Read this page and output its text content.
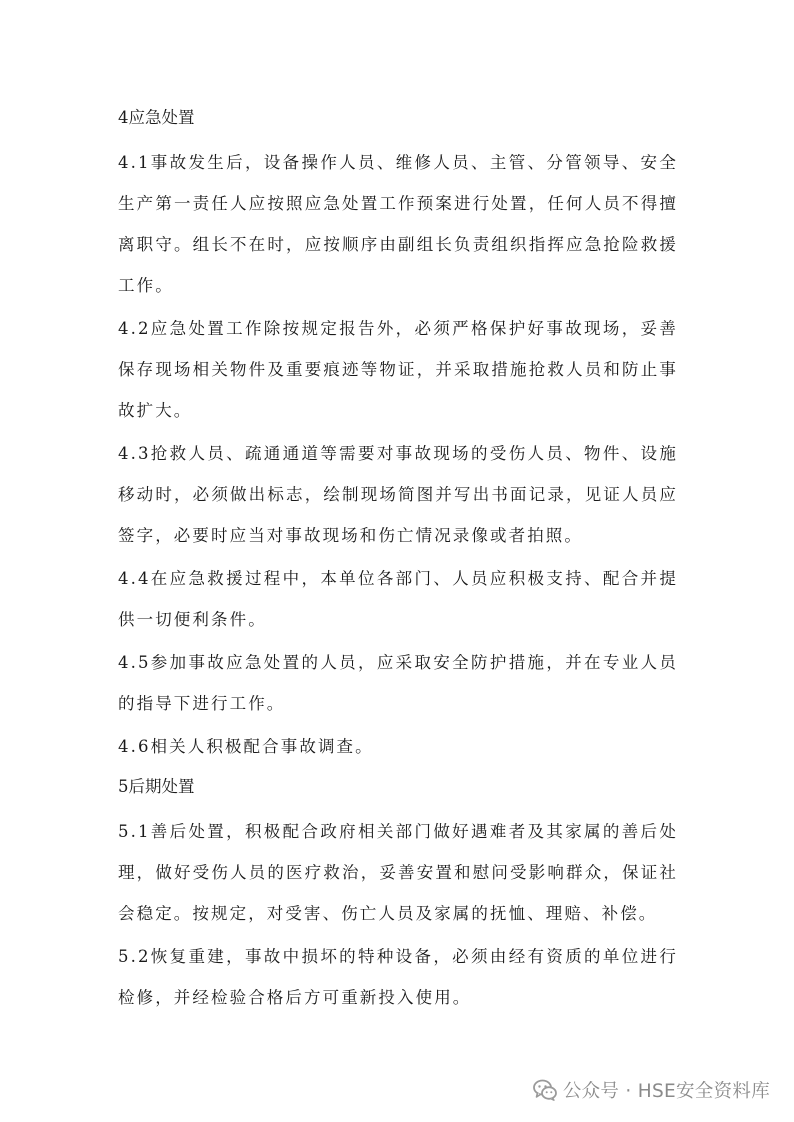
4应急处置

4.1事故发生后，设备操作人员、维修人员、主管、分管领导、安全生产第一责任人应按照应急处置工作预案进行处置，任何人员不得擅离职守。组长不在时，应按顺序由副组长负责组织指挥应急抢险救援工作。

4.2应急处置工作除按规定报告外，必须严格保护好事故现场，妥善保存现场相关物件及重要痕迹等物证，并采取措施抢救人员和防止事故扩大。

4.3抢救人员、疏通通道等需要对事故现场的受伤人员、物件、设施移动时，必须做出标志，绘制现场简图并写出书面记录，见证人员应签字，必要时应当对事故现场和伤亡情况录像或者拍照。

4.4在应急救援过程中，本单位各部门、人员应积极支持、配合并提供一切便利条件。

4.5参加事故应急处置的人员，应采取安全防护措施，并在专业人员的指导下进行工作。

4.6相关人积极配合事故调查。

5后期处置

5.1善后处置，积极配合政府相关部门做好遇难者及其家属的善后处理，做好受伤人员的医疗救治，妥善安置和慰问受影响群众，保证社会稳定。按规定，对受害、伤亡人员及家属的抚恤、理赔、补偿。

5.2恢复重建，事故中损坏的特种设备，必须由经有资质的单位进行检修，并经检验合格后方可重新投入使用。

公众号 · HSE安全资料库
